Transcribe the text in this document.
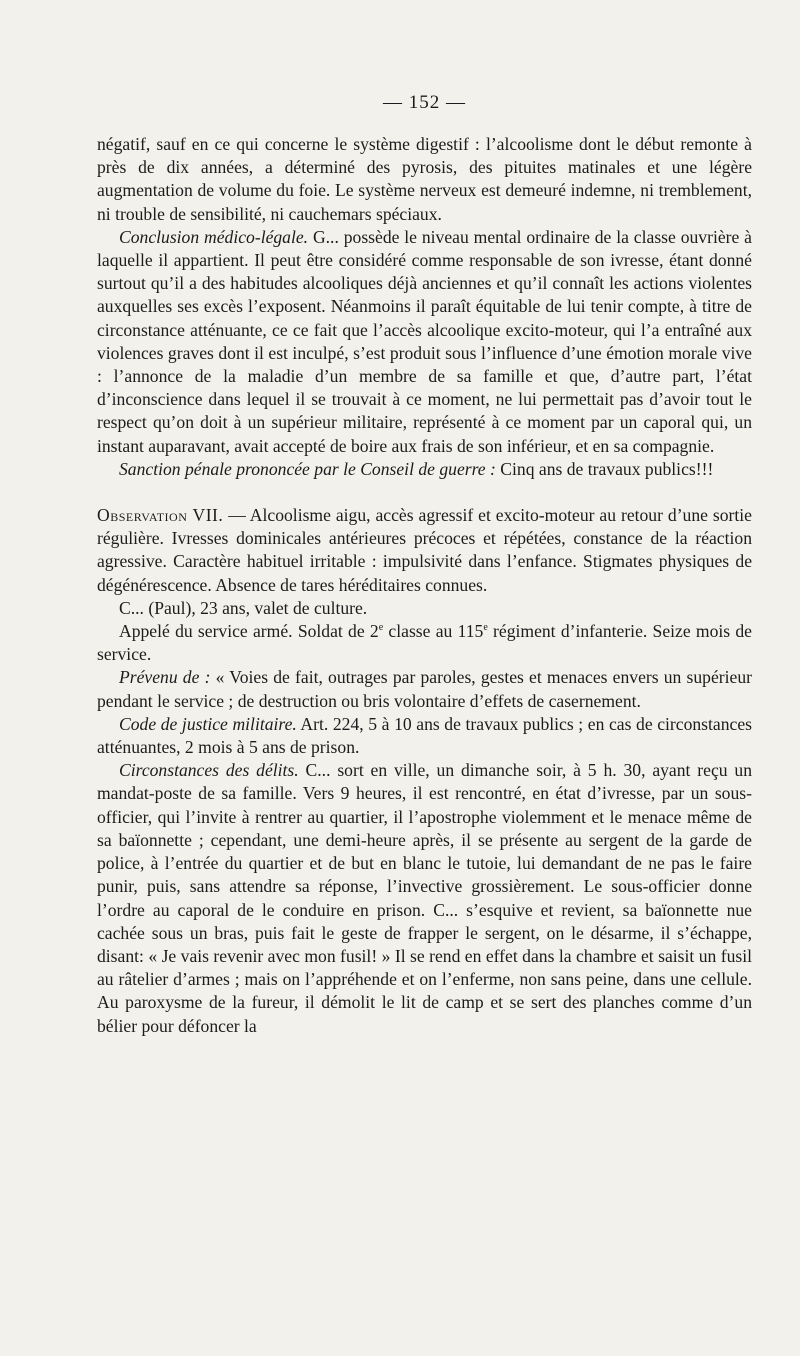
— 152 —

négatif, sauf en ce qui concerne le système digestif : l’alcoolisme dont le début remonte à près de dix années, a déterminé des pyrosis, des pituites matinales et une légère augmentation de volume du foie. Le système nerveux est demeuré indemne, ni tremblement, ni trouble de sensibilité, ni cauchemars spéciaux.

Conclusion médico-légale. G... possède le niveau mental ordinaire de la classe ouvrière à laquelle il appartient. Il peut être considéré comme responsable de son ivresse, étant donné surtout qu’il a des habitudes alcooliques déjà anciennes et qu’il connaît les actions violentes auxquelles ses excès l’exposent. Néanmoins il paraît équitable de lui tenir compte, à titre de circonstance atténuante, ce ce fait que l’accès alcoolique excito-moteur, qui l’a entraîné aux violences graves dont il est inculpé, s’est produit sous l’influence d’une émotion morale vive : l’annonce de la maladie d’un membre de sa famille et que, d’autre part, l’état d’inconscience dans lequel il se trouvait à ce moment, ne lui permettait pas d’avoir tout le respect qu’on doit à un supérieur militaire, représenté à ce moment par un caporal qui, un instant auparavant, avait accepté de boire aux frais de son inférieur, et en sa compagnie.

Sanction pénale prononcée par le Conseil de guerre : Cinq ans de travaux publics!!!

Observation VII. — Alcoolisme aigu, accès agressif et excito-moteur au retour d’une sortie régulière. Ivresses dominicales antérieures précoces et répétées, constance de la réaction agressive. Caractère habituel irritable : impulsivité dans l’enfance. Stigmates physiques de dégénérescence. Absence de tares héréditaires connues.

C... (Paul), 23 ans, valet de culture.

Appelé du service armé. Soldat de 2e classe au 115e régiment d’infanterie. Seize mois de service.

Prévenu de : « Voies de fait, outrages par paroles, gestes et menaces envers un supérieur pendant le service ; de destruction ou bris volontaire d’effets de casernement.

Code de justice militaire. Art. 224, 5 à 10 ans de travaux publics ; en cas de circonstances atténuantes, 2 mois à 5 ans de prison.

Circonstances des délits. C... sort en ville, un dimanche soir, à 5 h. 30, ayant reçu un mandat-poste de sa famille. Vers 9 heures, il est rencontré, en état d’ivresse, par un sous-officier, qui l’invite à rentrer au quartier, il l’apostrophe violemment et le menace même de sa baïonnette ; cependant, une demi-heure après, il se présente au sergent de la garde de police, à l’entrée du quartier et de but en blanc le tutoie, lui demandant de ne pas le faire punir, puis, sans attendre sa réponse, l’invective grossièrement. Le sous-officier donne l’ordre au caporal de le conduire en prison. C... s’esquive et revient, sa baïonnette nue cachée sous un bras, puis fait le geste de frapper le sergent, on le désarme, il s’échappe, disant: « Je vais revenir avec mon fusil! » Il se rend en effet dans la chambre et saisit un fusil au râtelier d’armes ; mais on l’appréhende et on l’enferme, non sans peine, dans une cellule. Au paroxysme de la fureur, il démolit le lit de camp et se sert des planches comme d’un bélier pour défoncer la
